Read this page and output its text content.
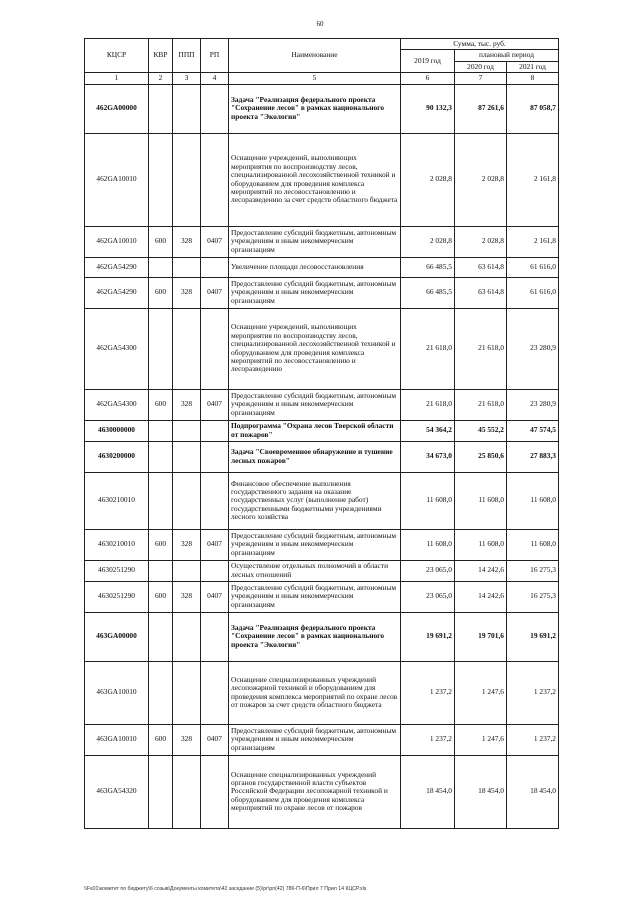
60
КЦСР	КВР	ППП	РП	Наименование	Сумма, тыс. руб.		
					2019 год	плановый период	
						2020 год	2021 год
1	2	3	4	5	6	7	8
462GA00000				Задача "Реализация федерального проекта "Сохранение лесов" в рамках национального проекта "Экология"	90 132,3	87 261,6	87 058,7
462GA10010				Оснащение учреждений, выполняющих мероприятия по воспроизводству лесов, специализированной лесохозяйственной техникой и оборудованием для проведения комплекса мероприятий по лесовосстановлению и лесоразведению за счет средств областного бюджета	2 028,8	2 028,8	2 161,8
462GA10010	600	328	0407	Предоставление субсидий бюджетным, автономным учреждениям и иным некоммерческим организациям	2 028,8	2 028,8	2 161,8
462GA54290				Увеличение площади лесовосстановления	66 485,5	63 614,8	61 616,0
462GA54290	600	328	0407	Предоставление субсидий бюджетным, автономным учреждениям и иным некоммерческим организациям	66 485,5	63 614,8	61 616,0
462GA54300				Оснащение учреждений, выполняющих мероприятия по воспроизводству лесов, специализированной лесохозяйственной техникой и оборудованием для проведения комплекса мероприятий по лесовосстановлению и лесоразведению	21 618,0	21 618,0	23 280,9
462GA54300	600	328	0407	Предоставление субсидий бюджетным, автономным учреждениям и иным некоммерческим организациям	21 618,0	21 618,0	23 280,9
4630000000				Подпрограмма "Охрана лесов Тверской области от пожаров"	54 364,2	45 552,2	47 574,5
4630200000				Задача "Своевременное обнаружение и тушение лесных пожаров"	34 673,0	25 850,6	27 883,3
4630210010				Финансовое обеспечение выполнения государственного задания на оказание государственных услуг (выполнение работ) государственными бюджетными учреждениями лесного хозяйства	11 608,0	11 608,0	11 608,0
4630210010	600	328	0407	Предоставление субсидий бюджетным, автономным учреждениям и иным некоммерческим организациям	11 608,0	11 608,0	11 608,0
4630251290				Осуществление отдельных полномочий в области лесных отношений	23 065,0	14 242,6	16 275,3
4630251290	600	328	0407	Предоставление субсидий бюджетным, автономным учреждениям и иным некоммерческим организациям	23 065,0	14 242,6	16 275,3
463GA00000				Задача "Реализация федерального проекта "Сохранение лесов" в рамках национального проекта "Экология"	19 691,2	19 701,6	19 691,2
463GA10010				Оснащение специализированных учреждений лесопожарной техникой и оборудованием для проведения комплекса мероприятий по охране лесов от пожаров за счет средств областного бюджета	1 237,2	1 247,6	1 237,2
463GA10010	600	328	0407	Предоставление субсидий бюджетным, автономным учреждениям и иным некоммерческим организациям	1 237,2	1 247,6	1 237,2
463GA54320				Оснащение специализированных учреждений органов государственной власти субъектов Российской Федерации лесопожарной техникой и оборудованием для проведения комплекса мероприятий по охране лесов от пожаров	18 454,0	18 454,0	18 454,0
\\Fs01\комитет по бюджету\6 созыв\Документы комитета\42 заседание (5)\рг\рп(42) 786-П-6\Прил 7 Прил 14 КЦСР.xls
